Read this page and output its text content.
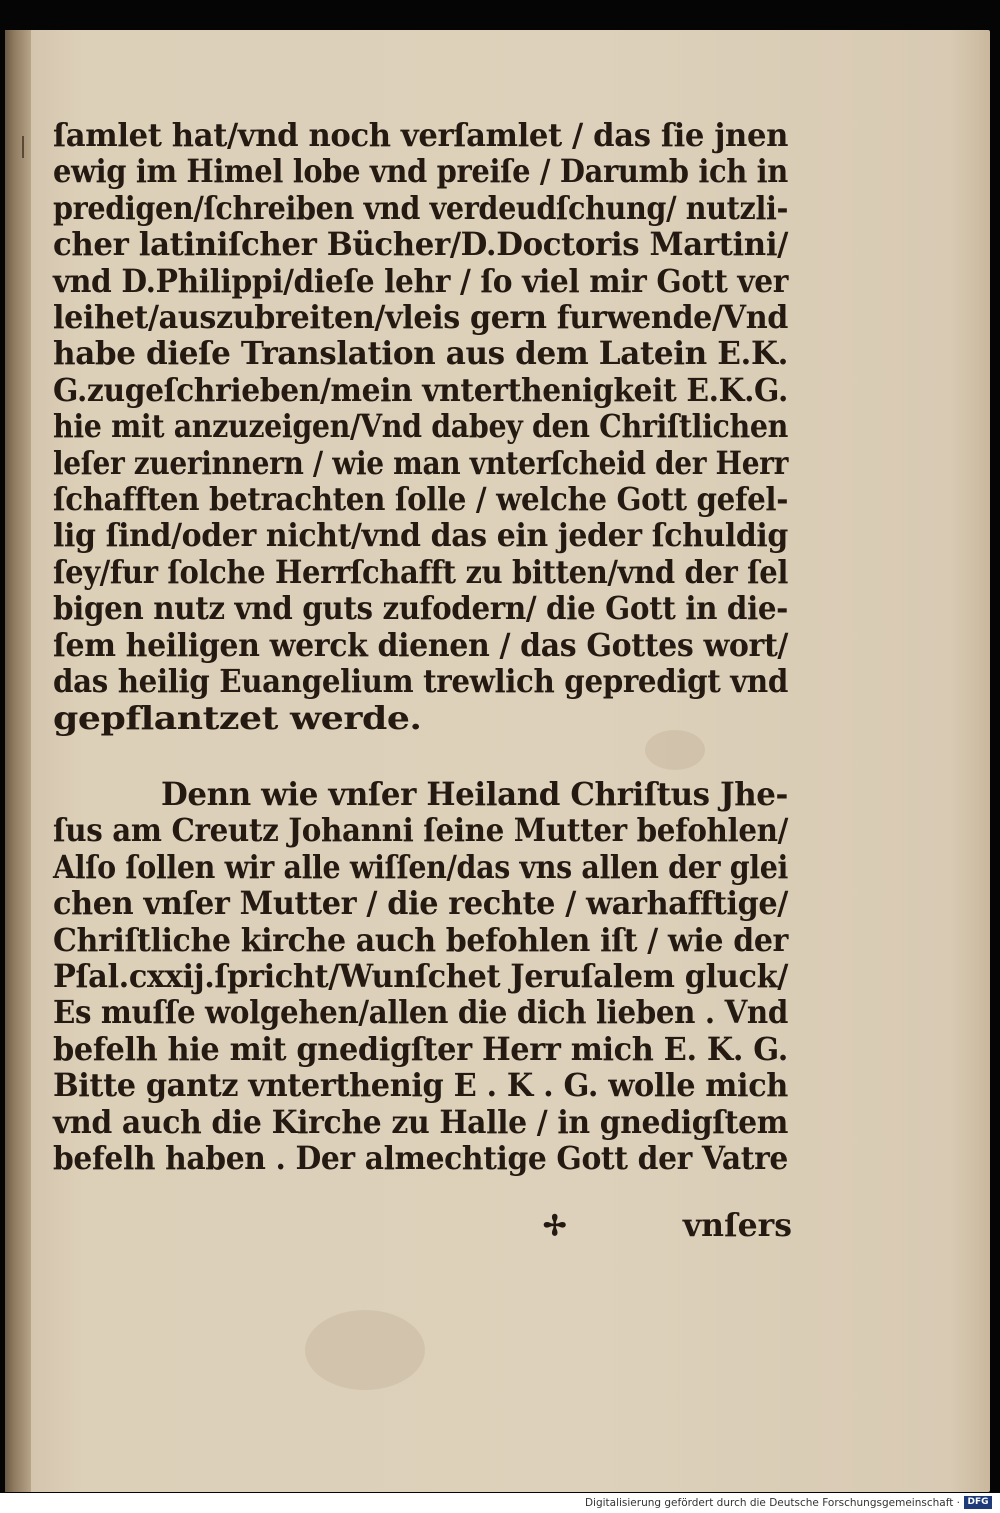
ſamlet hat/vnd noch verſamlet / das ſie jnen
ewig im Himel lobe vnd preiſe / Darumb ich in
predigen/ſchreiben vnd verdeudſchung/ nutzli-
cher latiniſcher Bücher/D.Doctoris Martini/
vnd D.Philippi/dieſe lehr / ſo viel mir Gott ver
leihet/auszubreiten/vleis gern furwende/Vnd
habe dieſe Translation aus dem Latein E.K.
G.zugeſchrieben/mein vnterthenigkeit E.K.G.
hie mit anzuzeigen/Vnd dabey den Chriſtlichen
leſer zuerinnern / wie man vnterſcheid der Herr
ſchafften betrachten ſolle / welche Gott gefel-
lig ſind/oder nicht/vnd das ein jeder ſchuldig
ſey/fur ſolche Herrſchafft zu bitten/vnd der ſel
bigen nutz vnd guts zufodern/ die Gott in die-
ſem heiligen werck dienen / das Gottes wort/
das heilig Euangelium trewlich gepredigt vnd
gepflantzet werde.
Denn wie vnſer Heiland Chriſtus Jhe-
ſus am Creutz Johanni ſeine Mutter befohlen/
Alſo ſollen wir alle wiſſen/das vns allen der glei
chen vnſer Mutter / die rechte / warhafftige/
Chriſtliche kirche auch befohlen iſt / wie der
Pſal.cxxij.ſpricht/Wunſchet Jeruſalem gluck/
Es muſſe wolgehen/allen die dich lieben . Vnd
befelh hie mit gnedigſter Herr mich E. K. G.
Bitte gantz vnterthenig E . K . G. wolle mich
vnd auch die Kirche zu Halle / in gnedigſtem
befelh haben . Der almechtige Gott der Vatre
✢	vnſers
Digitalisierung gefördert durch die Deutsche Forschungsgemeinschaft · DFG
